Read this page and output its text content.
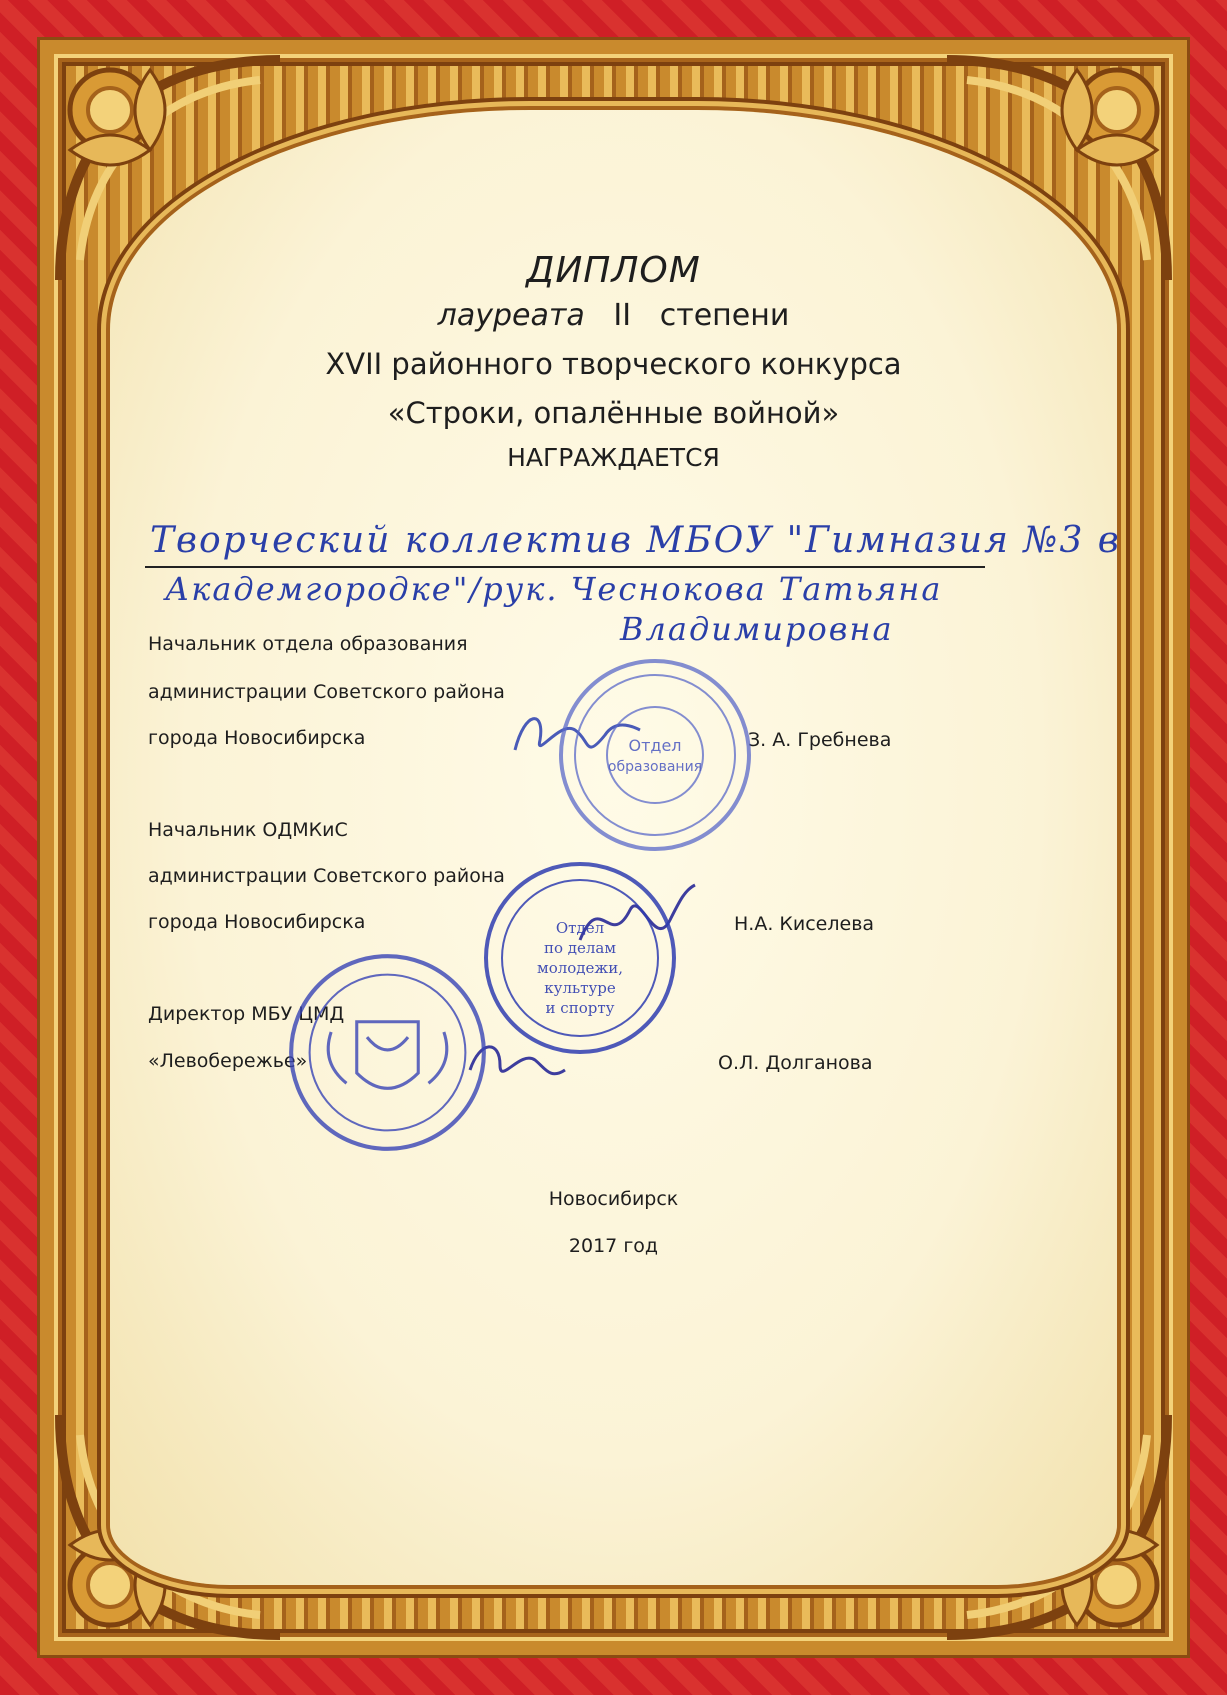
ДИПЛОМ
лауреата II степени
XVII районного творческого конкурса
«Строки, опалённые войной»
НАГРАЖДАЕТСЯ
Творческий коллектив МБОУ "Гимназия №3 в
Академгородке"/рук. Чеснокова Татьяна
Владимировна
Начальник отдела образования
администрации Советского района
города Новосибирска	З. А. Гребнева
Начальник ОДМКиС
администрации Советского района
города Новосибирска	Н.А. Киселева
Директор МБУ ЦМД
«Левобережье»	О.Л. Долганова
Отдел
образования
Отдел
по делам
молодежи,
культуре
и спорту
Новосибирск
2017 год
